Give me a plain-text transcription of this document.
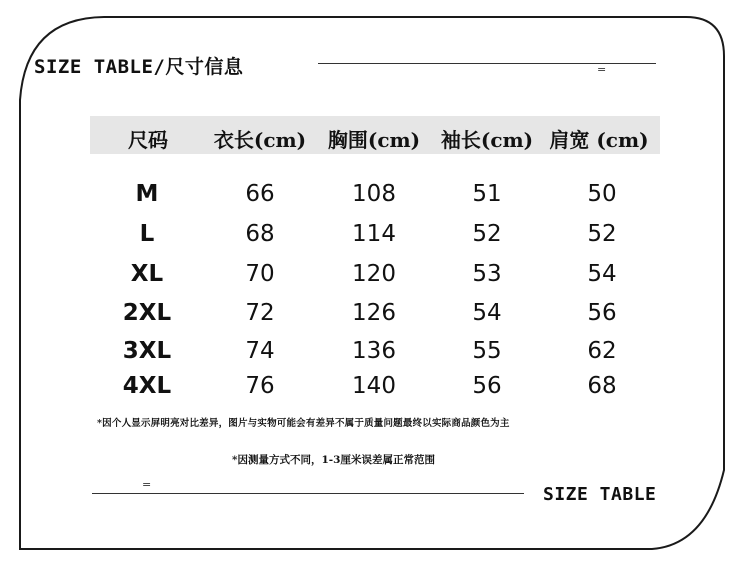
SIZE TABLE/尺寸信息	=
尺码 衣长(cm) 胸围(cm) 袖长(cm) 肩宽 (cm)
M	66	108	51	50
L	68	114	52	52
XL	70	120	53	54
2XL	72	126	54	56
3XL	74	136	55	62
4XL	76	140	56	68
*因个人显示屏明亮对比差异，图片与实物可能会有差异不属于质量问题最终以实际商品颜色为主
*因测量方式不同，1-3厘米误差属正常范围
=	SIZE TABLE
